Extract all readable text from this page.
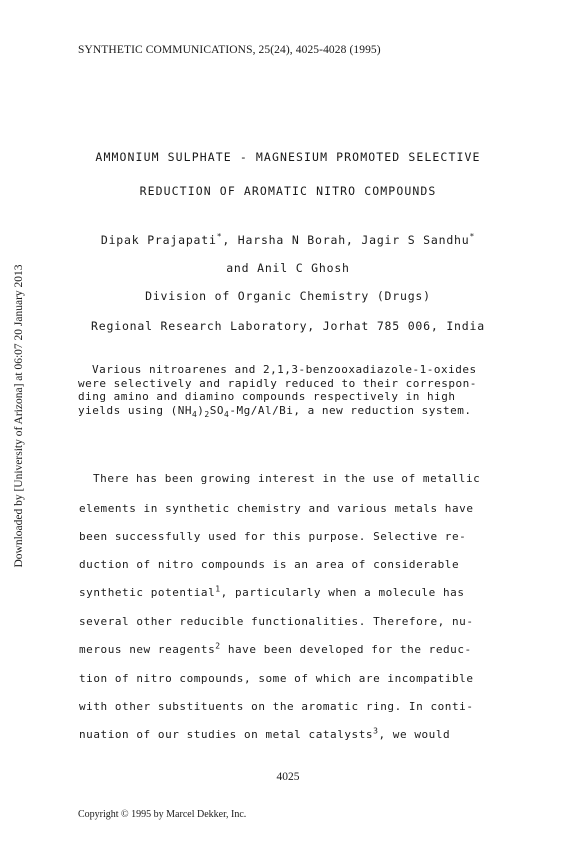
SYNTHETIC COMMUNICATIONS, 25(24), 4025-4028 (1995)
Downloaded by [University of Arizona] at 06:07 20 January 2013
AMMONIUM SULPHATE - MAGNESIUM PROMOTED SELECTIVE
REDUCTION OF AROMATIC NITRO COMPOUNDS
Dipak Prajapati*, Harsha N Borah, Jagir S Sandhu*
and Anil C Ghosh
Division of Organic Chemistry (Drugs)
Regional Research Laboratory, Jorhat 785 006, India
Various nitroarenes and 2,1,3-benzooxadiazole-1-oxides
were selectively and rapidly reduced to their correspon-
ding amino and diamino compounds respectively in high
yields using $(NH_4)_2SO_4-Mg/Al/Bi$, a new reduction system.
There has been growing interest in the use of metallic
elements in synthetic chemistry and various metals have
been successfully used for this purpose. Selective re-
duction of nitro compounds is an area of considerable
synthetic potential$^1$, particularly when a molecule has
several other reducible functionalities. Therefore, nu-
merous new reagents$^2$ have been developed for the reduc-
tion of nitro compounds, some of which are incompatible
with other substituents on the aromatic ring. In conti-
nuation of our studies on metal catalysts$^3$, we would
4025
Copyright © 1995 by Marcel Dekker, Inc.
